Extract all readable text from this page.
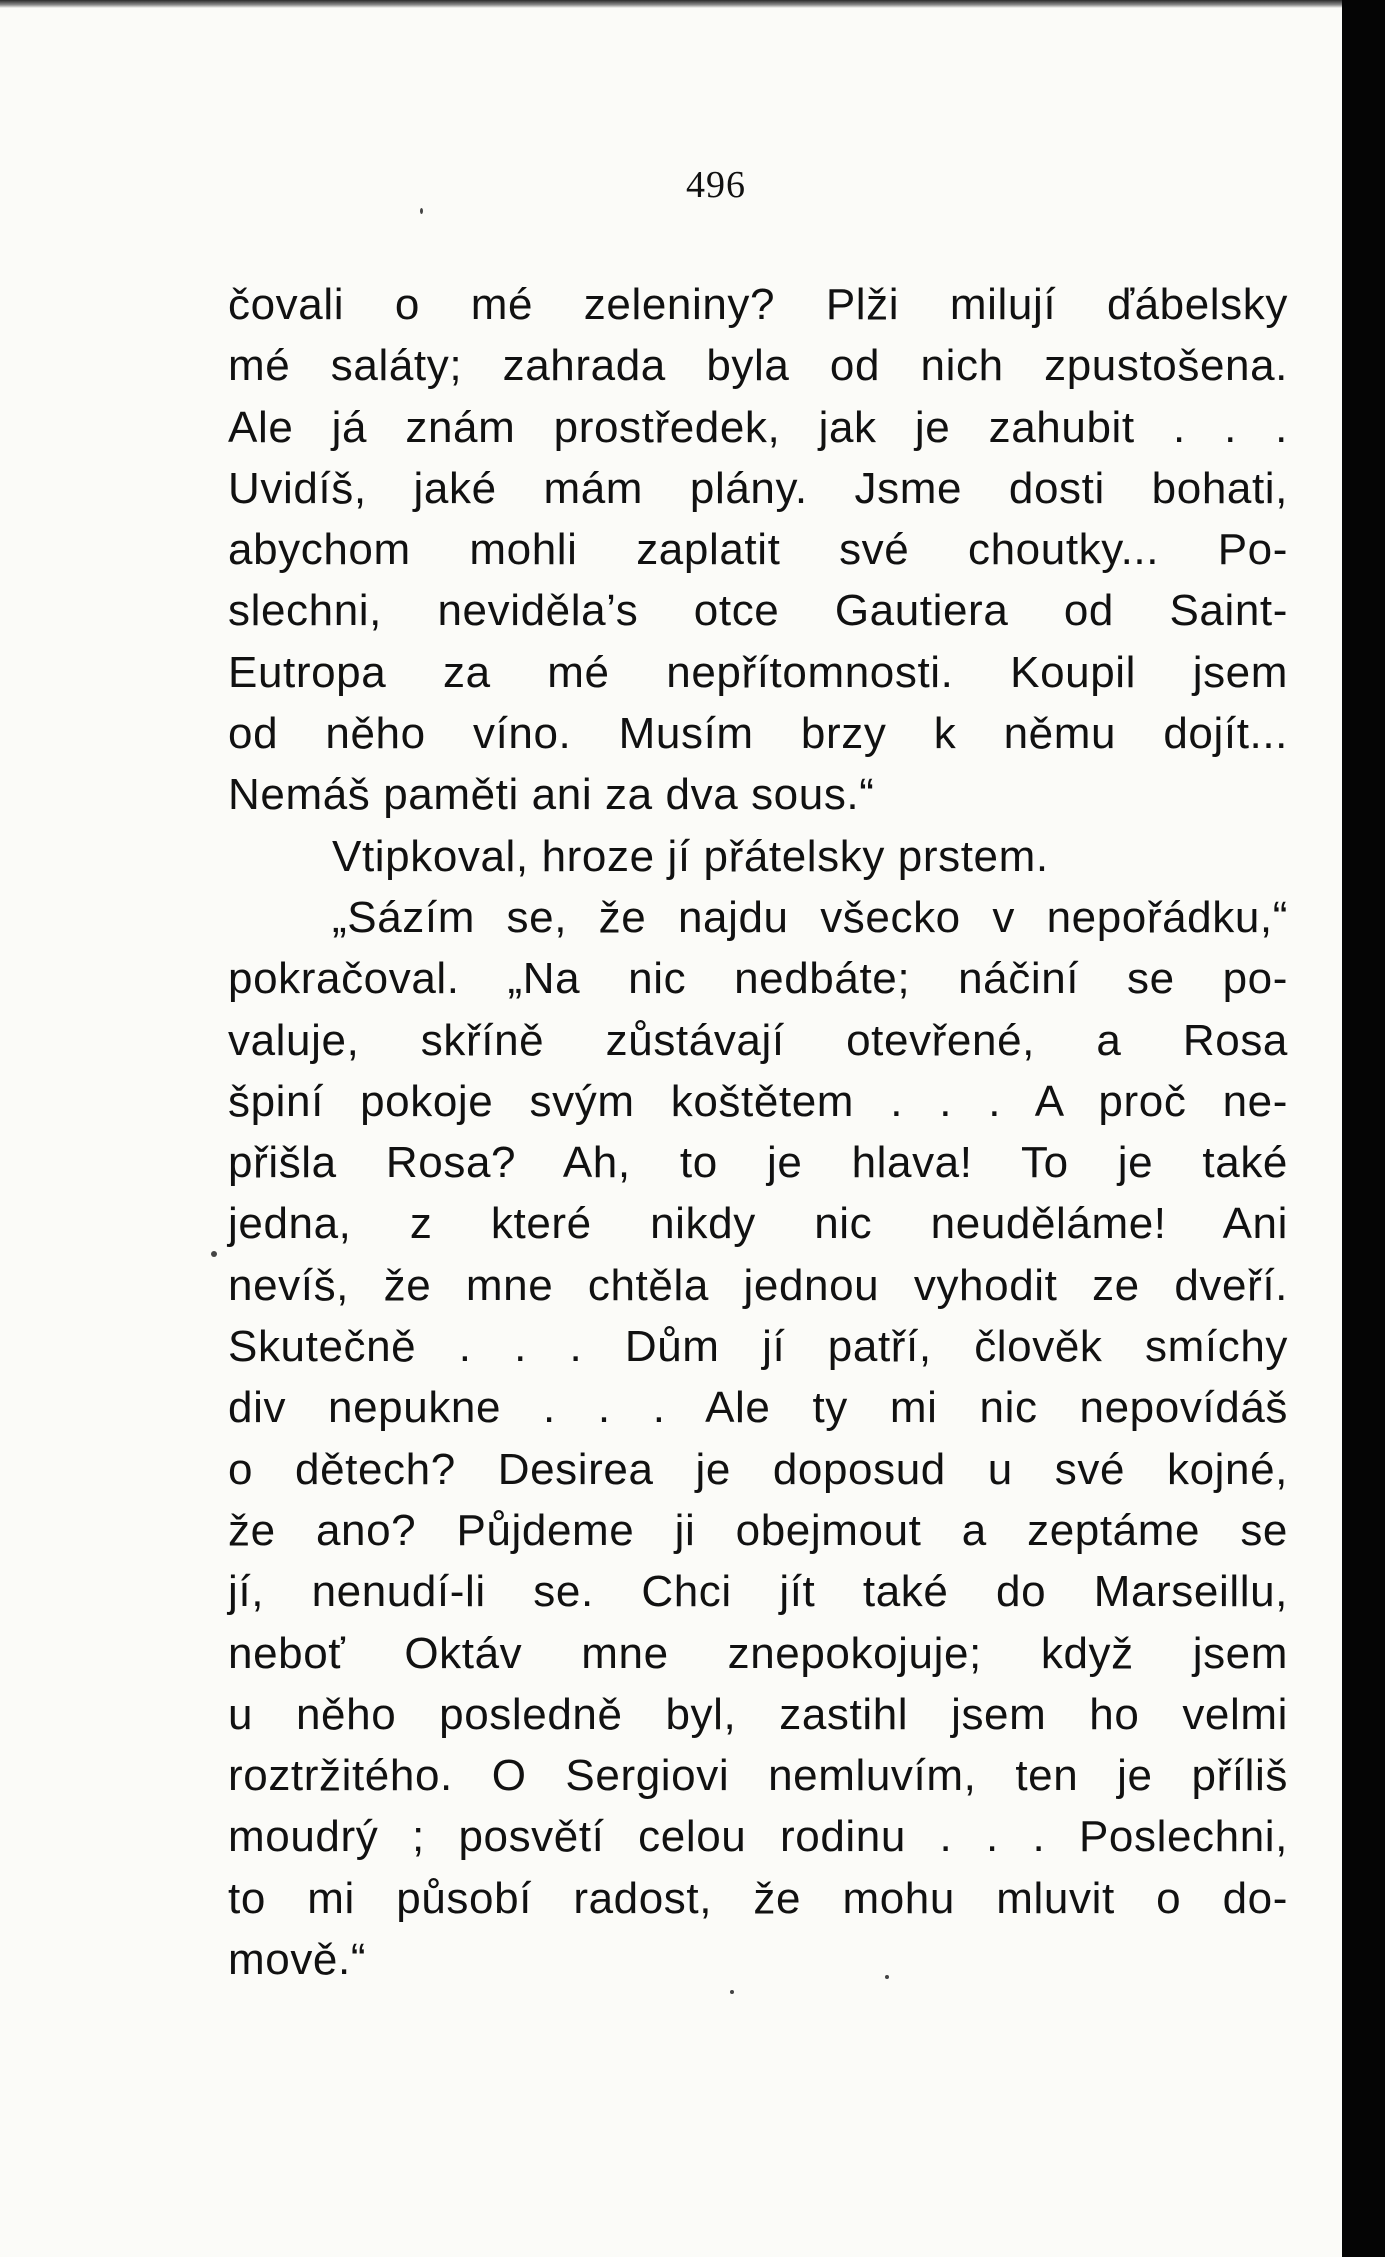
496
čovali o mé zeleniny? Plži milují ďábelsky
mé saláty; zahrada byla od nich zpustošena.
Ale já znám prostředek, jak je zahubit . . .
Uvidíš, jaké mám plány. Jsme dosti bohati,
abychom mohli zaplatit své choutky... Po-
slechni, neviděla’s otce Gautiera od Saint-
Eutropa za mé nepřítomnosti. Koupil jsem
od něho víno. Musím brzy k němu dojít...
Nemáš paměti ani za dva sous.“
Vtipkoval, hroze jí přátelsky prstem.
„Sázím se, že najdu všecko v nepořádku,“
pokračoval. „Na nic nedbáte; náčiní se po-
valuje, skříně zůstávají otevřené, a Rosa
špiní pokoje svým koštětem . . . A proč ne-
přišla Rosa? Ah, to je hlava! To je také
jedna, z které nikdy nic neuděláme! Ani
nevíš, že mne chtěla jednou vyhodit ze dveří.
Skutečně . . . Dům jí patří, člověk smíchy
div nepukne . . . Ale ty mi nic nepovídáš
o dětech? Desirea je doposud u své kojné,
že ano? Půjdeme ji obejmout a zeptáme se
jí, nenudí-li se. Chci jít také do Marseillu,
neboť Oktáv mne znepokojuje; když jsem
u něho posledně byl, zastihl jsem ho velmi
roztržitého. O Sergiovi nemluvím, ten je příliš
moudrý ; posvětí celou rodinu . . . Poslechni,
to mi působí radost, že mohu mluvit o do-
mově.“
